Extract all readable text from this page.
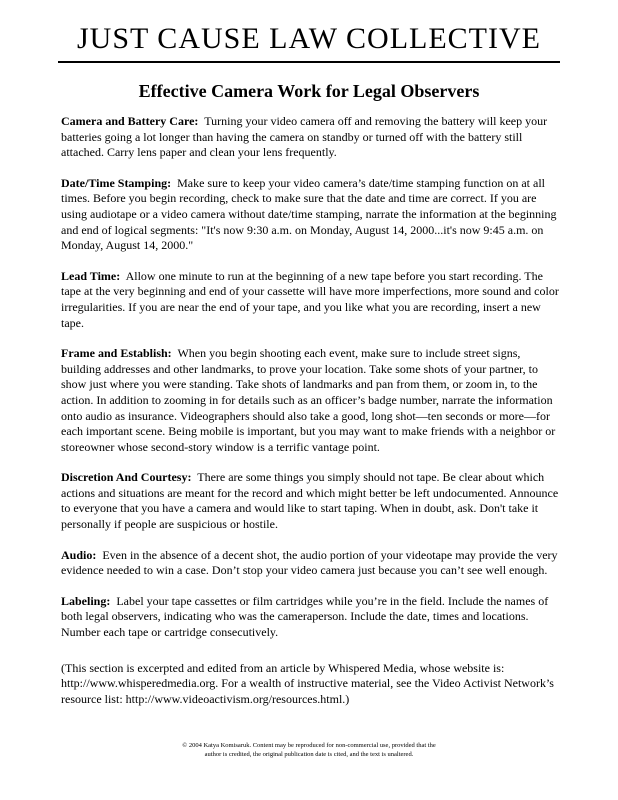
JUST CAUSE LAW COLLECTIVE
Effective Camera Work for Legal Observers

Camera and Battery Care: Turning your video camera off and removing the battery will keep your batteries going a lot longer than having the camera on standby or turned off with the battery still attached. Carry lens paper and clean your lens frequently.

Date/Time Stamping: Make sure to keep your video camera’s date/time stamping function on at all times. Before you begin recording, check to make sure that the date and time are correct. If you are using audiotape or a video camera without date/time stamping, narrate the information at the beginning and end of logical segments: "It's now 9:30 a.m. on Monday, August 14, 2000...it's now 9:45 a.m. on Monday, August 14, 2000."

Lead Time: Allow one minute to run at the beginning of a new tape before you start recording. The tape at the very beginning and end of your cassette will have more imperfections, more sound and color irregularities. If you are near the end of your tape, and you like what you are recording, insert a new tape.

Frame and Establish: When you begin shooting each event, make sure to include street signs, building addresses and other landmarks, to prove your location. Take some shots of your partner, to show just where you were standing. Take shots of landmarks and pan from them, or zoom in, to the action. In addition to zooming in for details such as an officer’s badge number, narrate the information onto audio as insurance. Videographers should also take a good, long shot—ten seconds or more—for each important scene. Being mobile is important, but you may want to make friends with a neighbor or storeowner whose second-story window is a terrific vantage point.

Discretion And Courtesy: There are some things you simply should not tape. Be clear about which actions and situations are meant for the record and which might better be left undocumented. Announce to everyone that you have a camera and would like to start taping. When in doubt, ask. Don't take it personally if people are suspicious or hostile.

Audio: Even in the absence of a decent shot, the audio portion of your videotape may provide the very evidence needed to win a case. Don’t stop your video camera just because you can’t see well enough.

Labeling: Label your tape cassettes or film cartridges while you’re in the field. Include the names of both legal observers, indicating who was the cameraperson. Include the date, times and locations. Number each tape or cartridge consecutively.

(This section is excerpted and edited from an article by Whispered Media, whose website is: http://www.whisperedmedia.org. For a wealth of instructive material, see the Video Activist Network’s resource list: http://www.videoactivism.org/resources.html.)

© 2004 Katya Komisaruk. Content may be reproduced for non-commercial use, provided that the
author is credited, the original publication date is cited, and the text is unaltered.
